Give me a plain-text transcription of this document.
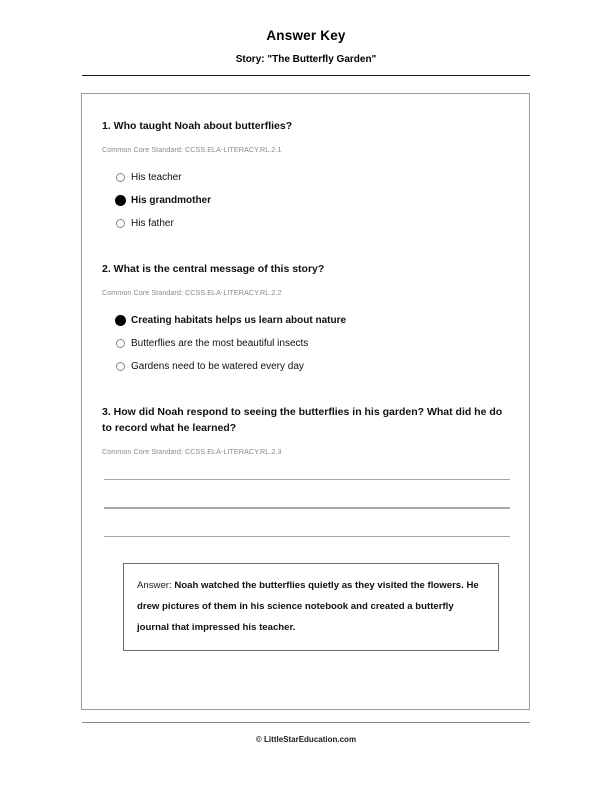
Answer Key
Story: "The Butterfly Garden"
1. Who taught Noah about butterflies?
Common Core Standard: CCSS.ELA-LITERACY.RL.2.1
His teacher
His grandmother
His father
2. What is the central message of this story?
Common Core Standard: CCSS.ELA-LITERACY.RL.2.2
Creating habitats helps us learn about nature
Butterflies are the most beautiful insects
Gardens need to be watered every day
3. How did Noah respond to seeing the butterflies in his garden? What did he do to record what he learned?
Common Core Standard: CCSS.ELA-LITERACY.RL.2.3
Answer: Noah watched the butterflies quietly as they visited the flowers. He drew pictures of them in his science notebook and created a butterfly journal that impressed his teacher.
© LittleStarEducation.com
